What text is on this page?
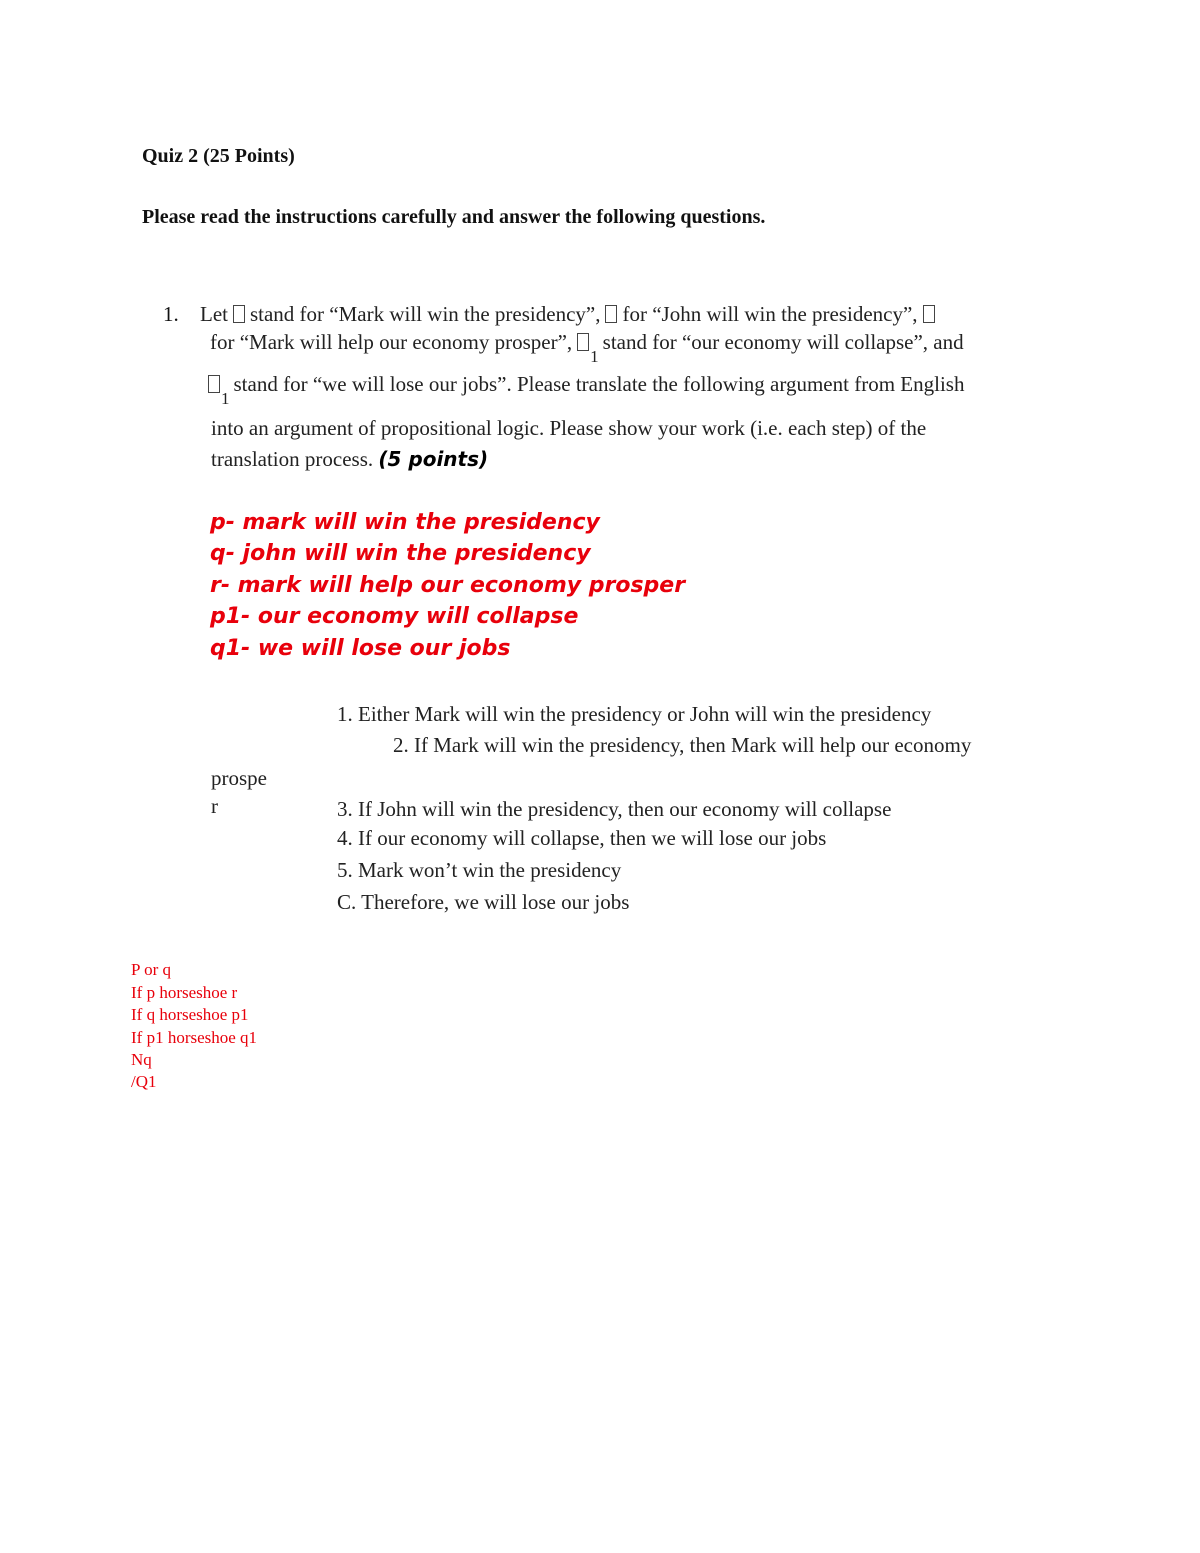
Quiz 2 (25 Points)
Please read the instructions carefully and answer the following questions.
1. Let stand for “Mark will win the presidency”, for “John will win the presidency”,
for “Mark will help our economy $prosper”,_1stand$ for “our economy will collapse”, and
$_1$stand for “we will lose our jobs”. Please translate the following argument from English
into an argument of propositional logic. Please show your work (i.e. each step) of the
translation process. (5 points)
p- mark will win the presidency
q- john will win the presidency
r- mark will help our economy prosper
p1- our economy will collapse
q1- we will lose our jobs
1. Either Mark will win the presidency or John will win the presidency
2. If Mark will win the presidency, then Mark will help our economy
prospe
r	3. If John will win the presidency, then our economy will collapse
4. If our economy will collapse, then we will lose our jobs
5. Mark won’t win the presidency
C. Therefore, we will lose our jobs
P or q
If p horseshoe r
If q horseshoe p1
If p1 horseshoe q1
Nq
/Q1
